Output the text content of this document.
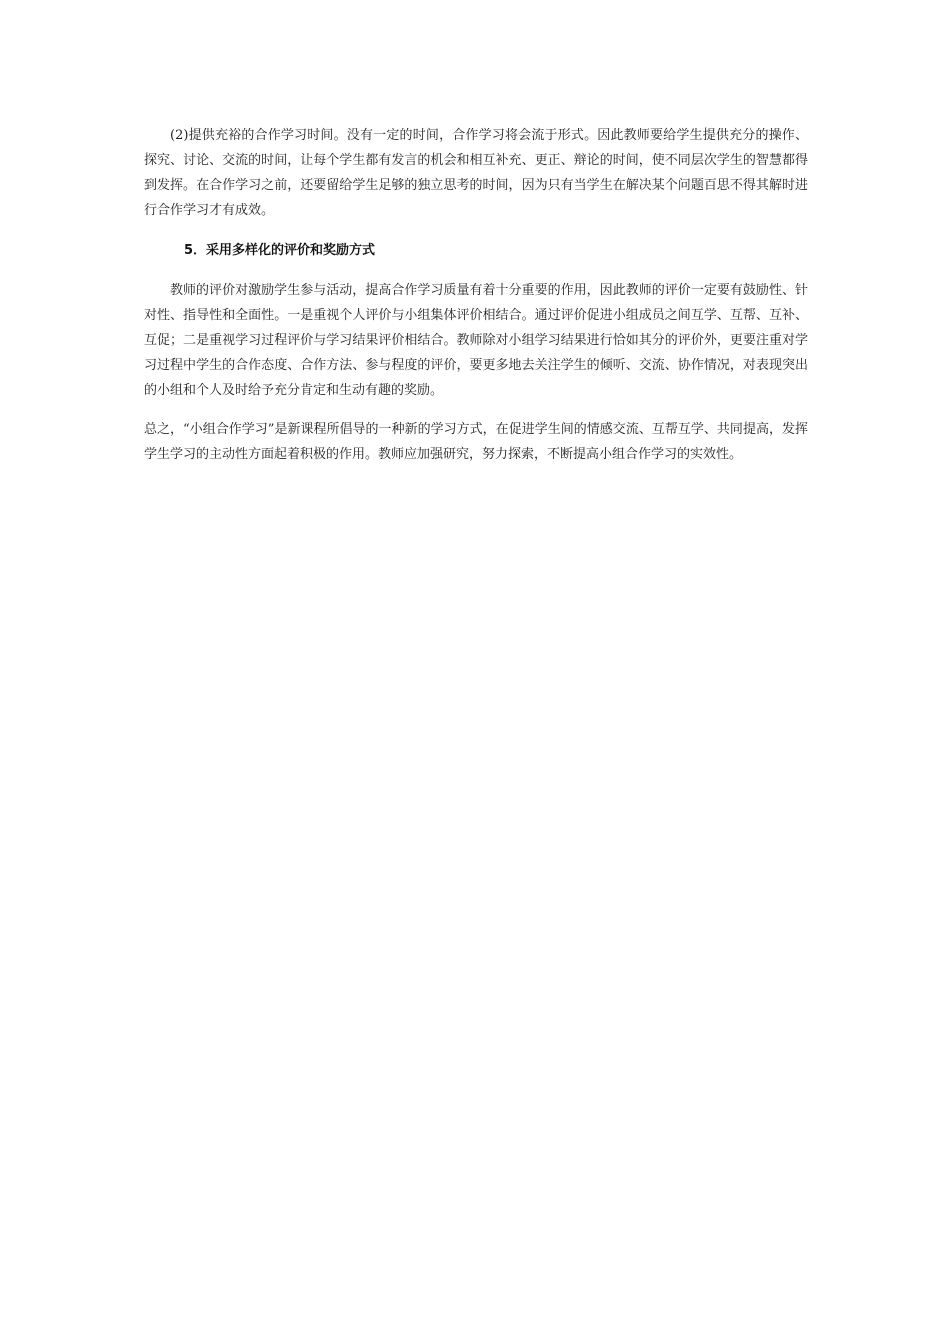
(2)提供充裕的合作学习时间。没有一定的时间，合作学习将会流于形式。因此教师要给学生提供充分的操作、探究、讨论、交流的时间，让每个学生都有发言的机会和相互补充、更正、辩论的时间，使不同层次学生的智慧都得到发挥。在合作学习之前，还要留给学生足够的独立思考的时间，因为只有当学生在解决某个问题百思不得其解时进行合作学习才有成效。

5．采用多样化的评价和奖励方式

教师的评价对激励学生参与活动，提高合作学习质量有着十分重要的作用，因此教师的评价一定要有鼓励性、针对性、指导性和全面性。一是重视个人评价与小组集体评价相结合。通过评价促进小组成员之间互学、互帮、互补、互促；二是重视学习过程评价与学习结果评价相结合。教师除对小组学习结果进行恰如其分的评价外，更要注重对学习过程中学生的合作态度、合作方法、参与程度的评价，要更多地去关注学生的倾听、交流、协作情况，对表现突出的小组和个人及时给予充分肯定和生动有趣的奖励。

总之，“小组合作学习”是新课程所倡导的一种新的学习方式，在促进学生间的情感交流、互帮互学、共同提高，发挥学生学习的主动性方面起着积极的作用。教师应加强研究，努力探索，不断提高小组合作学习的实效性。
